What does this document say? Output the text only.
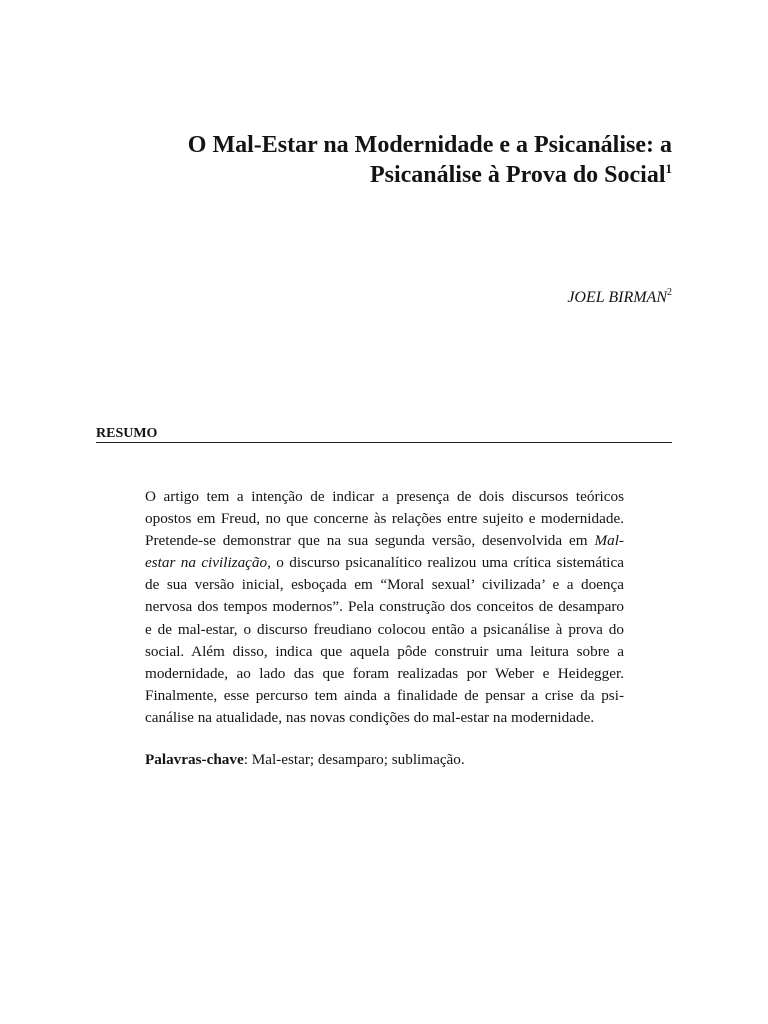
O Mal-Estar na Modernidade e a Psicanálise: a
Psicanálise à Prova do Social$^1$
JOEL BIRMAN$^2$
RESUMO
O artigo tem a intenção de indicar a presença de dois discursos teóricos
opostos em Freud, no que concerne às relações entre sujeito e modernidade.
Pretende-se demonstrar que na sua segunda versão, desenvolvida em Mal-
estar na civilização, o discurso psicanalítico realizou uma crítica sistemática
de sua versão inicial, esboçada em “Moral sexual’ civilizada’ e a doença
nervosa dos tempos modernos”. Pela construção dos conceitos de desamparo
e de mal-estar, o discurso freudiano colocou então a psicanálise à prova do
social. Além disso, indica que aquela pôde construir uma leitura sobre a
modernidade, ao lado das que foram realizadas por Weber e Heidegger.
Finalmente, esse percurso tem ainda a finalidade de pensar a crise da psi-
canálise na atualidade, nas novas condições do mal-estar na modernidade.
Palavras-chave: Mal-estar; desamparo; sublimação.
